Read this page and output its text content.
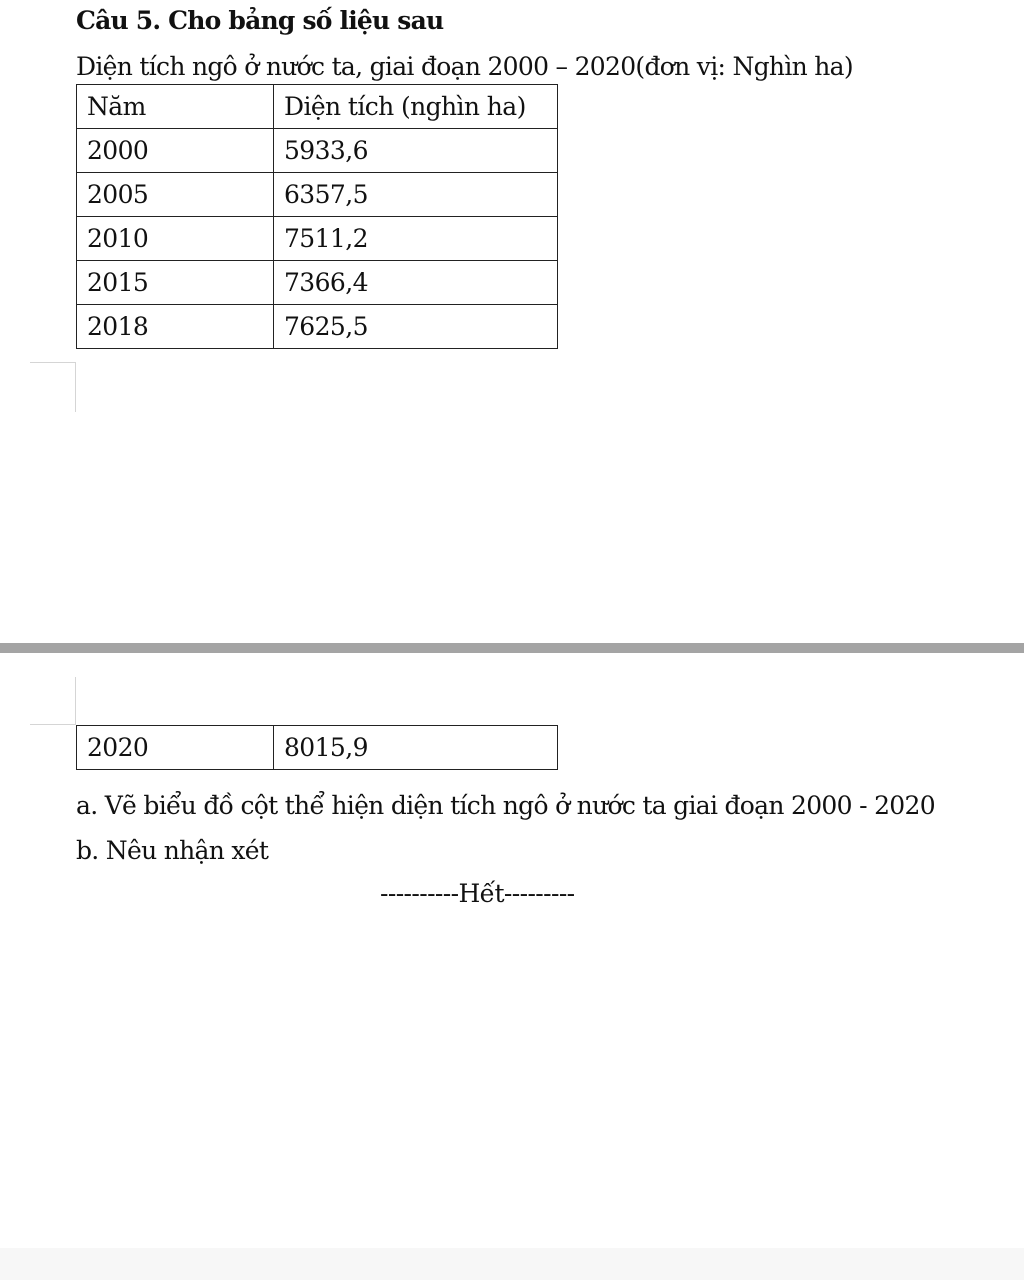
Câu 5. Cho bảng số liệu sau

Diện tích ngô ở nước ta, giai đoạn 2000 – 2020(đơn vị: Nghìn ha)

Năm	Diện tích (nghìn ha)
2000	5933,6
2005	6357,5
2010	7511,2
2015	7366,4
2018	7625,5
2020	8015,9

a. Vẽ biểu đồ cột thể hiện diện tích ngô ở nước ta giai đoạn 2000 - 2020

b. Nêu nhận xét

----------Hết---------
